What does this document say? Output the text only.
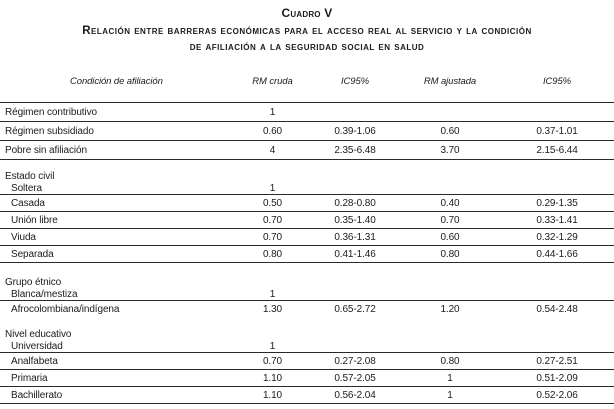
Cuadro V
Relación entre barreras económicas para el acceso real al servicio y la condición
de afiliación a la seguridad social en salud
Condición de afiliación	RM cruda	IC95%	RM ajustada	IC95%
Régimen contributivo	1
Régimen subsidiado	0.60	0.39-1.06	0.60	0.37-1.01
Pobre sin afiliación	4	2.35-6.48	3.70	2.15-6.44
Estado civil
Soltera	1
Casada	0.50	0.28-0.80	0.40	0.29-1.35
Unión libre	0.70	0.35-1.40	0.70	0.33-1.41
Viuda	0.70	0.36-1.31	0.60	0.32-1.29
Separada	0.80	0.41-1.46	0.80	0.44-1.66
Grupo étnico
Blanca/mestiza	1
Afrocolombiana/indígena	1.30	0.65-2.72	1.20	0.54-2.48
Nivel educativo
Universidad	1
Analfabeta	0.70	0.27-2.08	0.80	0.27-2.51
Primaria	1.10	0.57-2.05	1	0.51-2.09
Bachillerato	1.10	0.56-2.04	1	0.52-2.06
